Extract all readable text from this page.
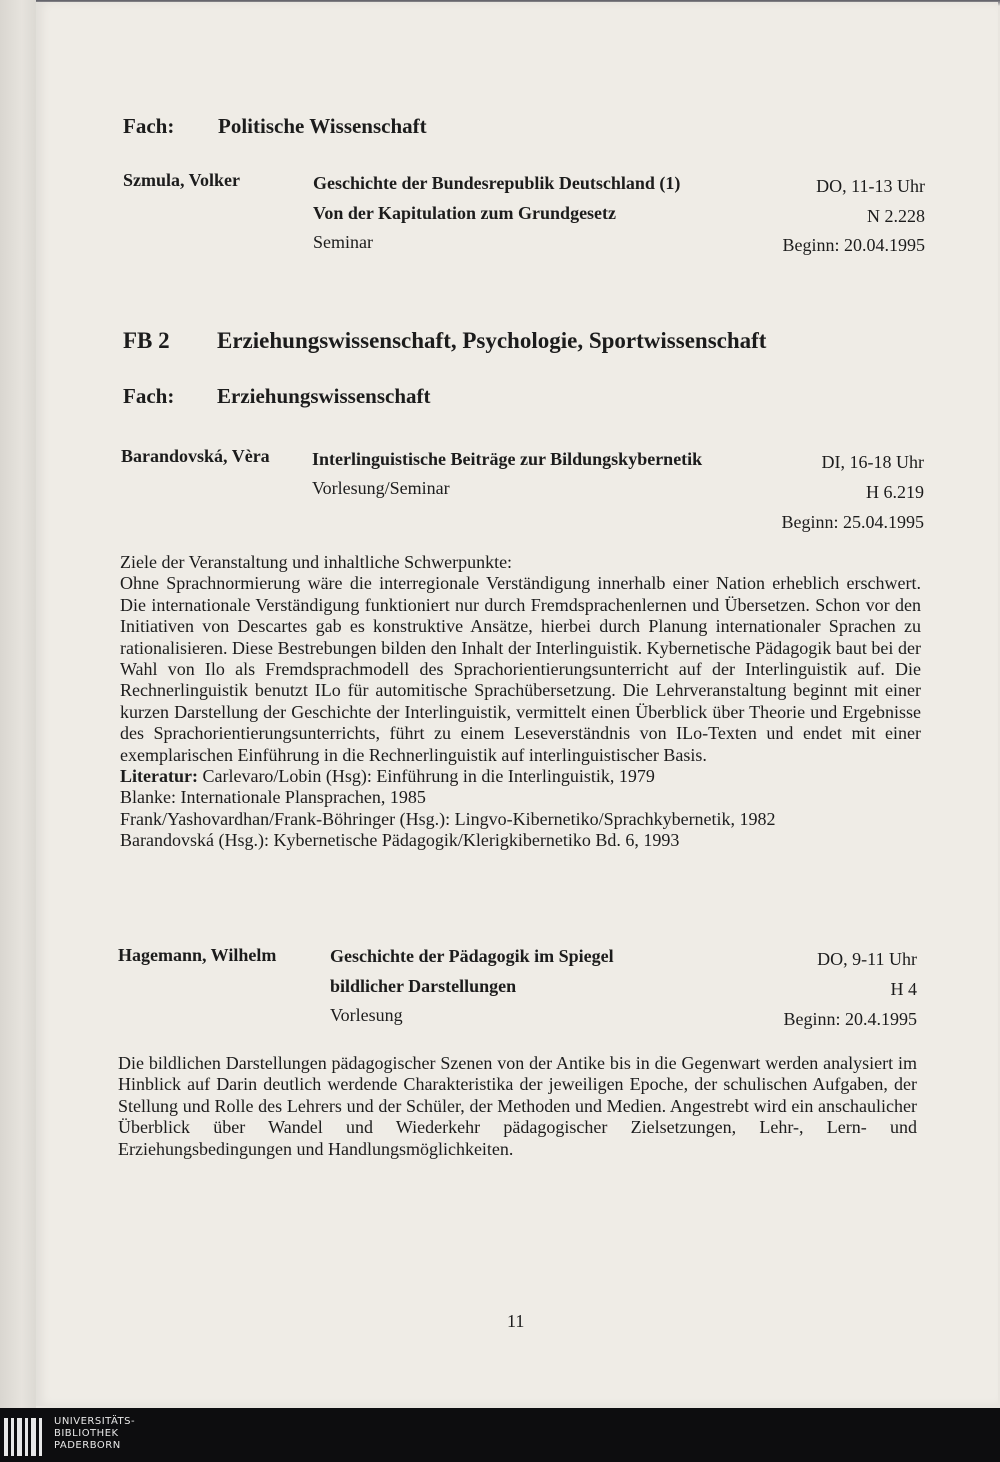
Fach: Politische Wissenschaft
Szmula, Volker	Geschichte der Bundesrepublik Deutschland (1)
Von der Kapitulation zum Grundgesetz
Seminar
DO, 11-13 Uhr
N 2.228
Beginn: 20.04.1995
FB 2 Erziehungswissenschaft, Psychologie, Sportwissenschaft
Fach: Erziehungswissenschaft
Barandovská, Vèra Interlinguistische Beiträge zur Bildungskybernetik
Vorlesung/Seminar
DI, 16-18 Uhr
H 6.219
Beginn: 25.04.1995

Ziele der Veranstaltung und inhaltliche Schwerpunkte:

Ohne Sprachnormierung wäre die interregionale Verständigung innerhalb einer Nation erheblich erschwert. Die internationale Verständigung funktioniert nur durch Fremdsprachenlernen und Übersetzen. Schon vor den Initiativen von Descartes gab es konstruktive Ansätze, hierbei durch Planung internationaler Sprachen zu rationalisieren. Diese Bestrebungen bilden den Inhalt der Interlinguistik. Kybernetische Pädagogik baut bei der Wahl von Ilo als Fremdsprachmodell des Sprachorientierungsunterricht auf der Interlinguistik auf. Die Rechnerlinguistik benutzt ILo für automitische Sprachübersetzung. Die Lehrveranstaltung beginnt mit einer kurzen Darstellung der Geschichte der Interlinguistik, vermittelt einen Überblick über Theorie und Ergebnisse des Sprachorientierungsunterrichts, führt zu einem Leseverständnis von ILo-Texten und endet mit einer exemplarischen Einführung in die Rechnerlinguistik auf interlinguistischer Basis.

Literatur: Carlevaro/Lobin (Hsg): Einführung in die Interlinguistik, 1979

Blanke: Internationale Plansprachen, 1985

Frank/Yashovardhan/Frank-Böhringer (Hsg.): Lingvo-Kibernetiko/Sprachkybernetik, 1982

Barandovská (Hsg.): Kybernetische Pädagogik/Klerigkibernetiko Bd. 6, 1993

Hagemann, Wilhelm	Geschichte der Pädagogik im Spiegel
bildlicher Darstellungen
Vorlesung
DO, 9-11 Uhr
H 4
Beginn: 20.4.1995

Die bildlichen Darstellungen pädagogischer Szenen von der Antike bis in die Gegenwart werden analysiert im Hinblick auf Darin deutlich werdende Charakteristika der jeweiligen Epoche, der schulischen Aufgaben, der Stellung und Rolle des Lehrers und der Schüler, der Methoden und Medien. Angestrebt wird ein anschaulicher Überblick über Wandel und Wiederkehr pädagogischer Zielsetzungen, Lehr-, Lern- und Erziehungsbedingungen und Handlungsmöglichkeiten.

11
UNIVERSITÄTS-
BIBLIOTHEK
PADERBORN
